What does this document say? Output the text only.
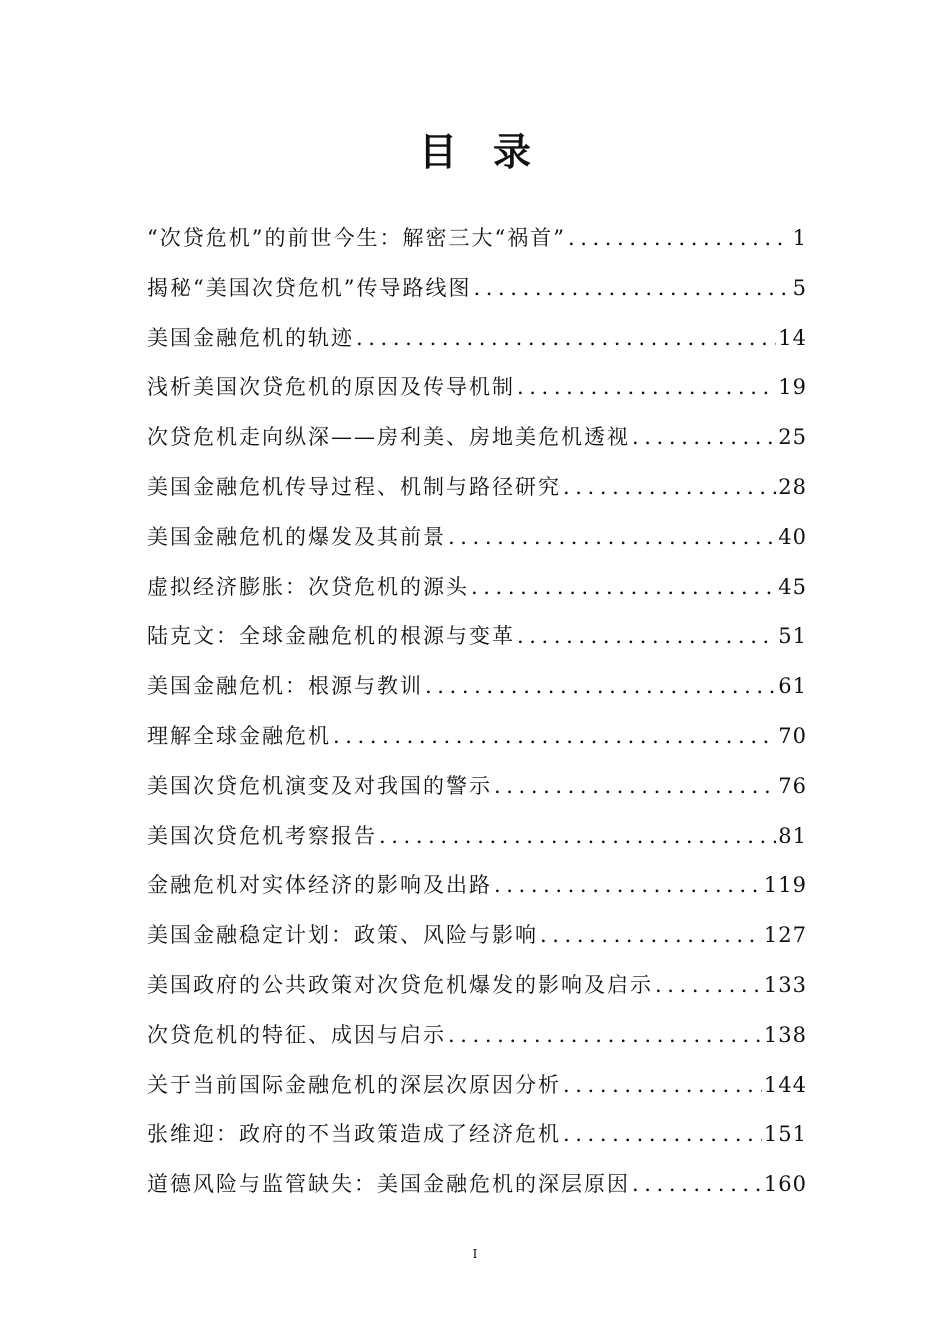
目录
“次贷危机”的前世今生：解密三大“祸首” .....	1
揭秘“美国次贷危机”传导路线图 .....	5
美国金融危机的轨迹 .....	14
浅析美国次贷危机的原因及传导机制 .....	19
次贷危机走向纵深——房利美、房地美危机透视 .....	25
美国金融危机传导过程、机制与路径研究 .....	28
美国金融危机的爆发及其前景 .....	40
虚拟经济膨胀：次贷危机的源头 .....	45
陆克文：全球金融危机的根源与变革 .....	51
美国金融危机：根源与教训 .....	61
理解全球金融危机 .....	70
美国次贷危机演变及对我国的警示 .....	76
美国次贷危机考察报告 .....	81
金融危机对实体经济的影响及出路 .....	119
美国金融稳定计划：政策、风险与影响 .....	127
美国政府的公共政策对次贷危机爆发的影响及启示 .....	133
次贷危机的特征、成因与启示 .....	138
关于当前国际金融危机的深层次原因分析 .....	144
张维迎：政府的不当政策造成了经济危机 .....	151
道德风险与监管缺失：美国金融危机的深层原因 .....	160
I
